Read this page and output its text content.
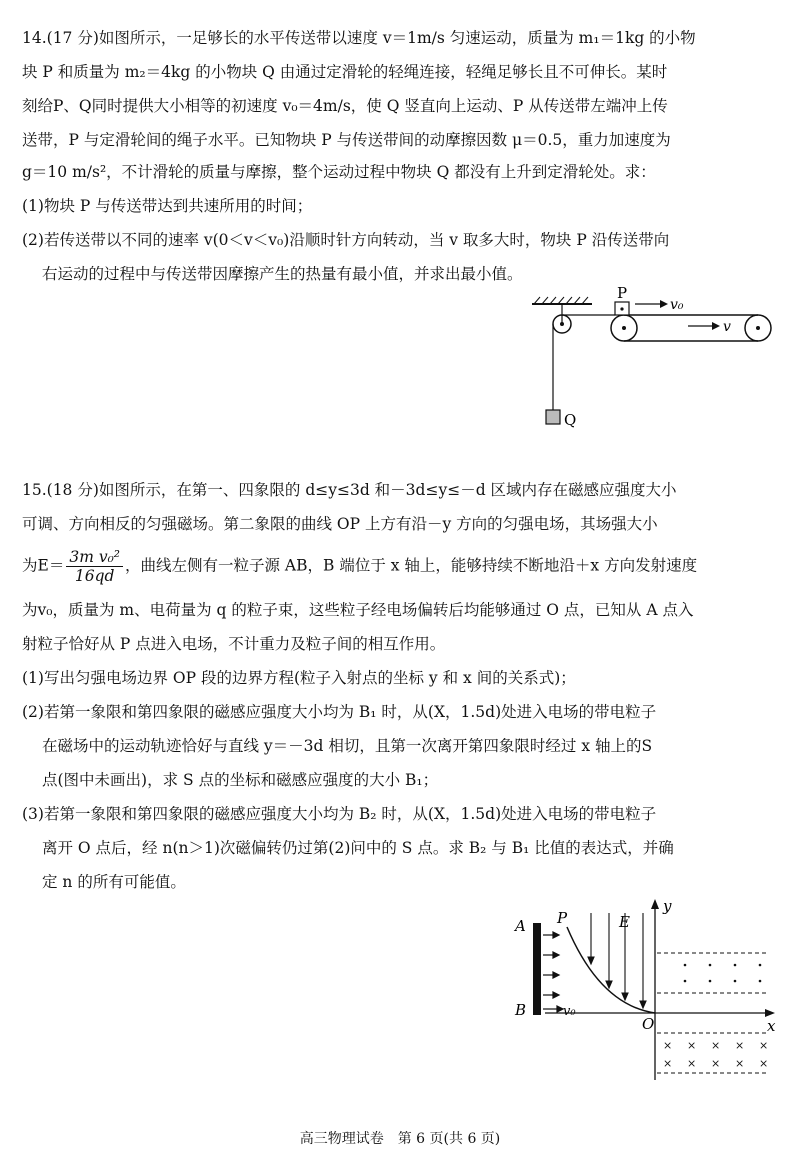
14.(17 分)如图所示，一足够长的水平传送带以速度 v＝1m/s 匀速运动，质量为 m₁＝1kg 的小物
块 P 和质量为 m₂＝4kg 的小物块 Q 由通过定滑轮的轻绳连接，轻绳足够长且不可伸长。某时
刻给P、Q同时提供大小相等的初速度 v₀＝4m/s，使 Q 竖直向上运动、P 从传送带左端冲上传
送带，P 与定滑轮间的绳子水平。已知物块 P 与传送带间的动摩擦因数 μ＝0.5，重力加速度为
g＝10 m/s²，不计滑轮的质量与摩擦，整个运动过程中物块 Q 都没有上升到定滑轮处。求：
(1)物块 P 与传送带达到共速所用的时间；
(2)若传送带以不同的速率 v(0＜v＜v₀)沿顺时针方向转动，当 v 取多大时，物块 P 沿传送带向
右运动的过程中与传送带因摩擦产生的热量有最小值，并求出最小值。
Q
P
v₀
v
15.(18 分)如图所示，在第一、四象限的 d≤y≤3d 和－3d≤y≤－d 区域内存在磁感应强度大小
可调、方向相反的匀强磁场。第二象限的曲线 OP 上方有沿－y 方向的匀强电场，其场强大小
为$E= \frac{\text{3m v₀²}}{16qd}$ ，曲线左侧有一粒子源 AB，B 端位于 x 轴上，能够持续不断地沿＋x 方向发射速度
为v₀，质量为 m、电荷量为 q 的粒子束，这些粒子经电场偏转后均能够通过 O 点，已知从 A 点入
射粒子恰好从 P 点进入电场，不计重力及粒子间的相互作用。
(1)写出匀强电场边界 OP 段的边界方程(粒子入射点的坐标 y 和 x 间的关系式)；
(2)若第一象限和第四象限的磁感应强度大小均为 B₁ 时，从(X，1.5d)处进入电场的带电粒子
在磁场中的运动轨迹恰好与直线 y＝－3d 相切，且第一次离开第四象限时经过 x 轴上的S
点(图中未画出)，求 S 点的坐标和磁感应强度的大小 B₁；
(3)若第一象限和第四象限的磁感应强度大小均为 B₂ 时，从(X，1.5d)处进入电场的带电粒子
离开 O 点后，经 n(n＞1)次磁偏转仍过第(2)问中的 S 点。求 B₂ 与 B₁ 比值的表达式，并确
定 n 的所有可能值。
A
B	v₀
P	E
y
x
O
× × × × ×
× × × × ×
高三物理试卷　第 6 页(共 6 页)
